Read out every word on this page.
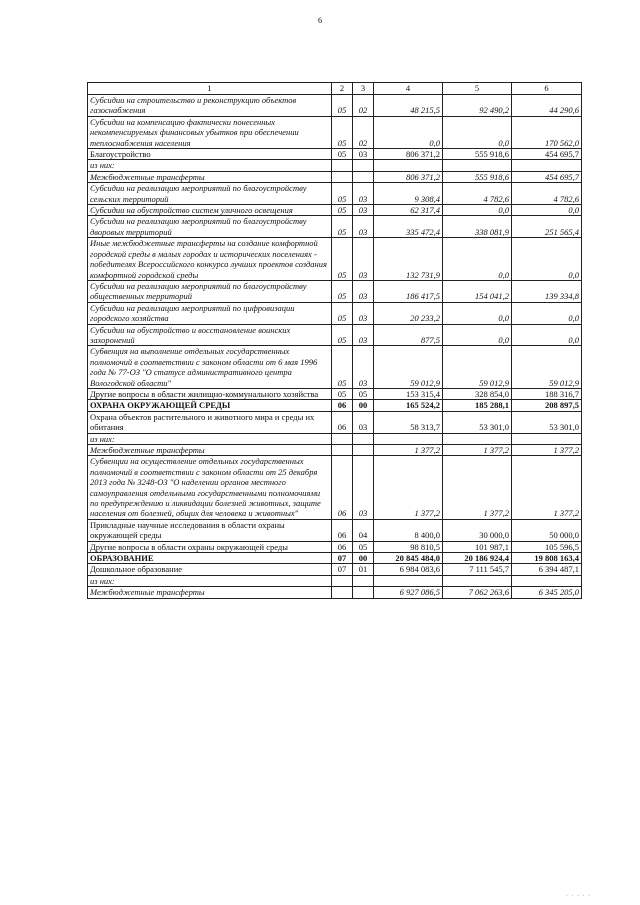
6
1	2	3	4	5	6
Субсидии на строительство и реконструкцию объектов газоснабжения	05	02	48 215,5	92 490,2	44 290,6
Субсидии на компенсацию фактически понесенных некомпенсируемых финансовых убытков при обеспечении теплоснабжения населения	05	02	0,0	0,0	170 562,0
Благоустройство	05	03	806 371,2	555 918,6	454 695,7
из них:					
Межбюджетные трансферты			806 371,2	555 918,6	454 695,7
Субсидии на реализацию мероприятий по благоустройству сельских территорий	05	03	9 308,4	4 782,6	4 782,6
Субсидии на обустройство систем уличного освещения	05	03	62 317,4	0,0	0,0
Субсидии на реализацию мероприятий по благоустройству дворовых территорий	05	03	335 472,4	338 081,9	251 565,4
Иные межбюджетные трансферты на создание комфортной городской среды в малых городах и исторических поселениях - победителях Всероссийского конкурса лучших проектов создания комфортной городской среды	05	03	132 731,9	0,0	0,0
Субсидии на реализацию мероприятий по благоустройству общественных территорий	05	03	186 417,5	154 041,2	139 334,8
Субсидии на реализацию мероприятий по цифровизации городского хозяйства	05	03	20 233,2	0,0	0,0
Субсидии на обустройство и восстановление воинских захоронений	05	03	877,5	0,0	0,0
Субвенция на выполнение отдельных государственных полномочий в соответствии с законом области от 6 мая 1996 года № 77-ОЗ "О статусе административного центра Вологодской области"	05	03	59 012,9	59 012,9	59 012,9
Другие вопросы в области жилищно-коммунального хозяйства	05	05	153 315,4	328 854,0	188 316,7
ОХРАНА ОКРУЖАЮЩЕЙ СРЕДЫ	06	00	165 524,2	185 288,1	208 897,5
Охрана объектов растительного и животного мира и среды их обитания	06	03	58 313,7	53 301,0	53 301,0
из них:					
Межбюджетные трансферты			1 377,2	1 377,2	1 377,2
Субвенции на осуществление отдельных государственных полномочий в соответствии с законом области от 25 декабря 2013 года № 3248-ОЗ "О наделении органов местного самоуправления отдельными государственными полномочиями по предупреждению и ликвидации болезней животных, защите населения от болезней, общих для человека и животных"	06	03	1 377,2	1 377,2	1 377,2
Прикладные научные исследования в области охраны окружающей среды	06	04	8 400,0	30 000,0	50 000,0
Другие вопросы в области охраны окружающей среды	06	05	98 810,5	101 987,1	105 596,5
ОБРАЗОВАНИЕ	07	00	20 845 484,0	20 186 924,4	19 808 163,4
Дошкольное образование	07	01	6 984 083,6	7 111 545,7	6 394 487,1
из них:					
Межбюджетные трансферты			6 927 086,5	7 062 263,6	6 345 205,0
· · · · ·
